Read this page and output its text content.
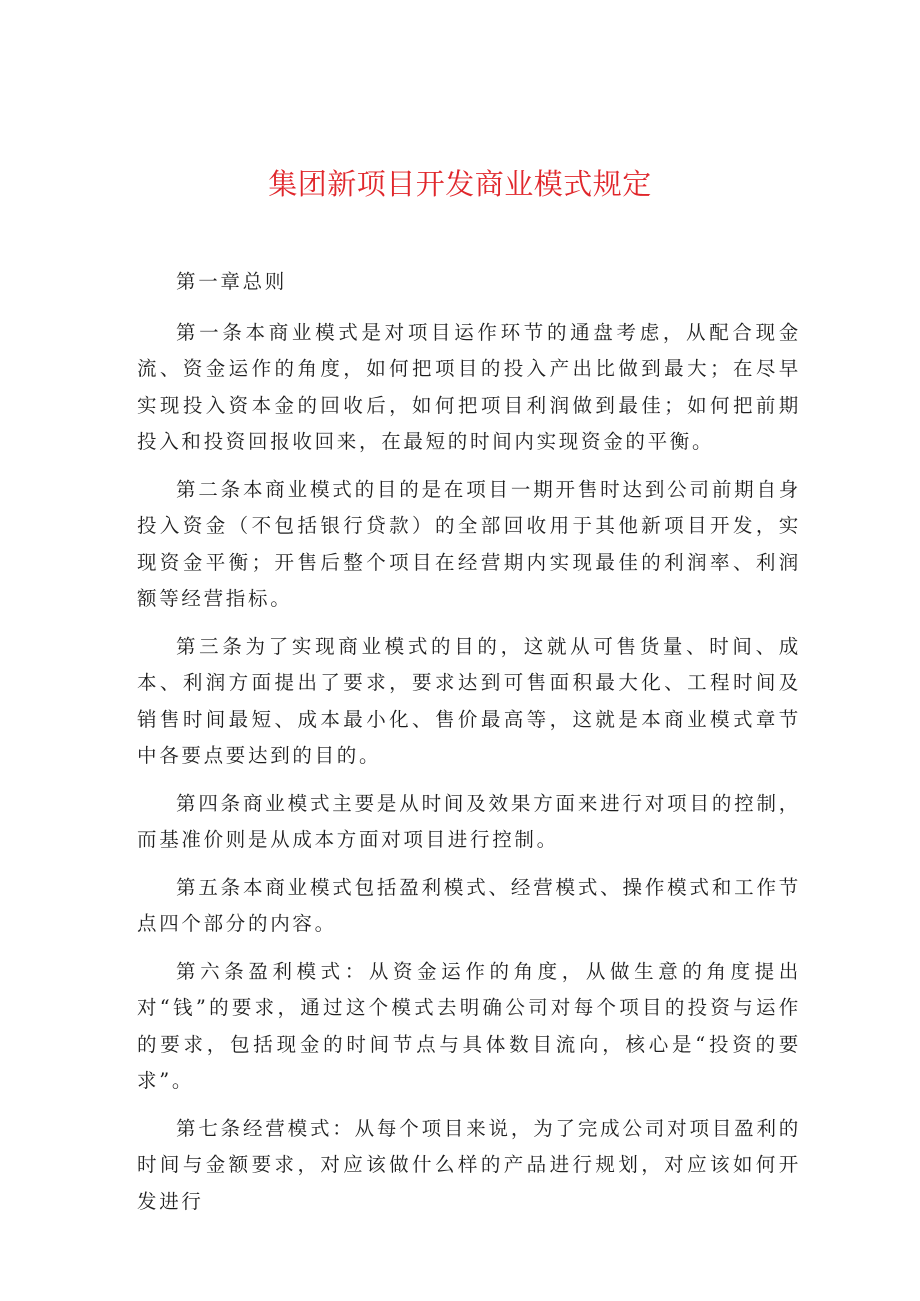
集团新项目开发商业模式规定

第一章总则

第一条本商业模式是对项目运作环节的通盘考虑，从配合现金流、资金运作的角度，如何把项目的投入产出比做到最大；在尽早实现投入资本金的回收后，如何把项目利润做到最佳；如何把前期投入和投资回报收回来，在最短的时间内实现资金的平衡。

第二条本商业模式的目的是在项目一期开售时达到公司前期自身投入资金（不包括银行贷款）的全部回收用于其他新项目开发，实现资金平衡；开售后整个项目在经营期内实现最佳的利润率、利润额等经营指标。

第三条为了实现商业模式的目的，这就从可售货量、时间、成本、利润方面提出了要求，要求达到可售面积最大化、工程时间及销售时间最短、成本最小化、售价最高等，这就是本商业模式章节中各要点要达到的目的。

第四条商业模式主要是从时间及效果方面来进行对项目的控制，而基准价则是从成本方面对项目进行控制。

第五条本商业模式包括盈利模式、经营模式、操作模式和工作节点四个部分的内容。

第六条盈利模式：从资金运作的角度，从做生意的角度提出对“钱”的要求，通过这个模式去明确公司对每个项目的投资与运作的要求，包括现金的时间节点与具体数目流向，核心是“投资的要求”。

第七条经营模式：从每个项目来说，为了完成公司对项目盈利的时间与金额要求，对应该做什么样的产品进行规划，对应该如何开发进行
